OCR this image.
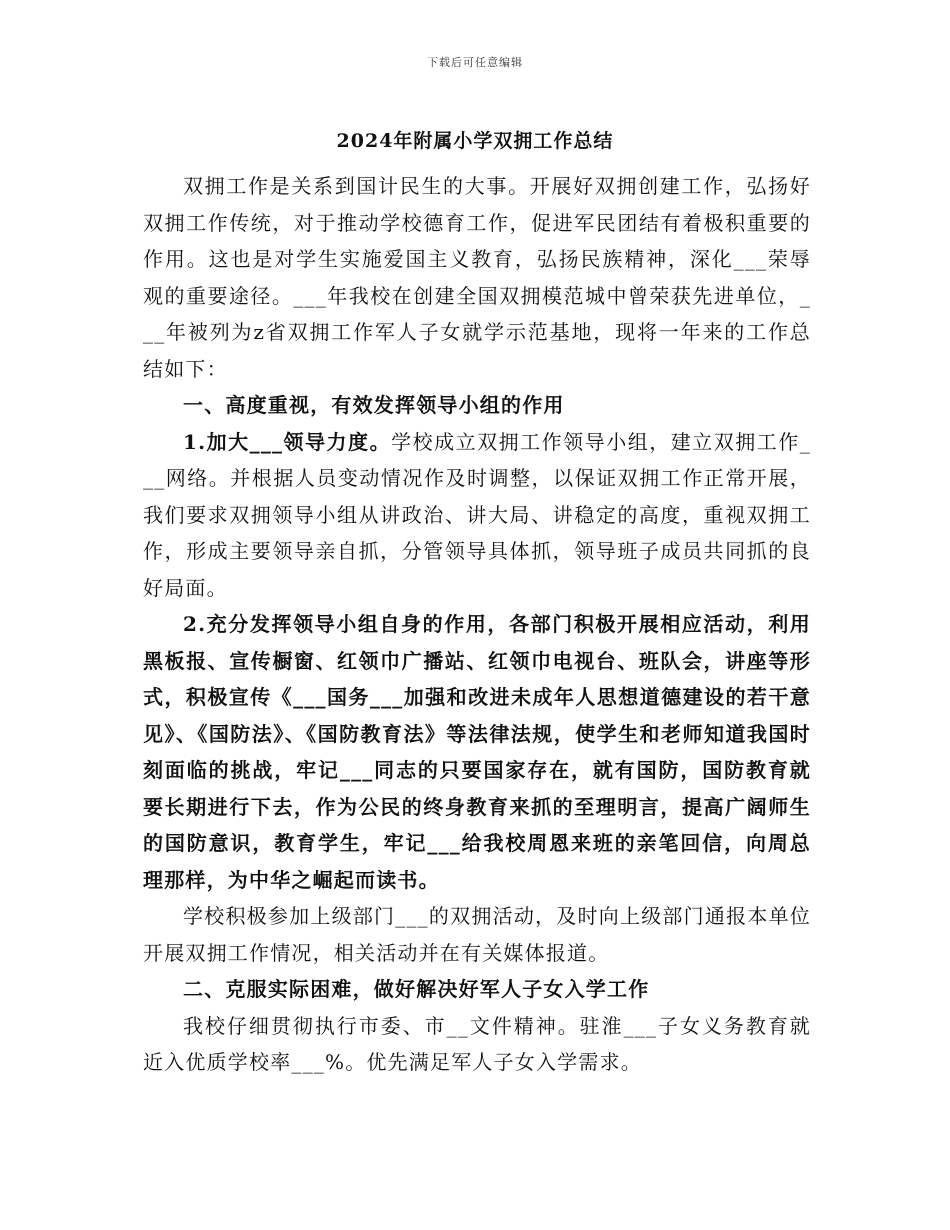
下载后可任意编辑
2024年附属小学双拥工作总结

双拥工作是关系到国计民生的大事。开展好双拥创建工作，弘扬好双拥工作传统，对于推动学校德育工作，促进军民团结有着极积重要的作用。这也是对学生实施爱国主义教育，弘扬民族精神，深化___荣辱观的重要途径。___年我校在创建全国双拥模范城中曾荣获先进单位，___年被列为z省双拥工作军人子女就学示范基地，现将一年来的工作总结如下：

一、高度重视，有效发挥领导小组的作用

1.加大___领导力度。学校成立双拥工作领导小组，建立双拥工作___网络。并根据人员变动情况作及时调整，以保证双拥工作正常开展，我们要求双拥领导小组从讲政治、讲大局、讲稳定的高度，重视双拥工作，形成主要领导亲自抓，分管领导具体抓，领导班子成员共同抓的良好局面。

2.充分发挥领导小组自身的作用，各部门积极开展相应活动，利用黑板报、宣传橱窗、红领巾广播站、红领巾电视台、班队会，讲座等形式，积极宣传《___国务___加强和改进未成年人思想道德建设的若干意见》、《国防法》、《国防教育法》等法律法规，使学生和老师知道我国时刻面临的挑战，牢记___同志的只要国家存在，就有国防，国防教育就要长期进行下去，作为公民的终身教育来抓的至理明言，提高广阔师生的国防意识，教育学生，牢记___给我校周恩来班的亲笔回信，向周总理那样，为中华之崛起而读书。

学校积极参加上级部门___的双拥活动，及时向上级部门通报本单位开展双拥工作情况，相关活动并在有关媒体报道。

二、克服实际困难，做好解决好军人子女入学工作

我校仔细贯彻执行市委、市__文件精神。驻淮___子女义务教育就近入优质学校率___%。优先满足军人子女入学需求。
